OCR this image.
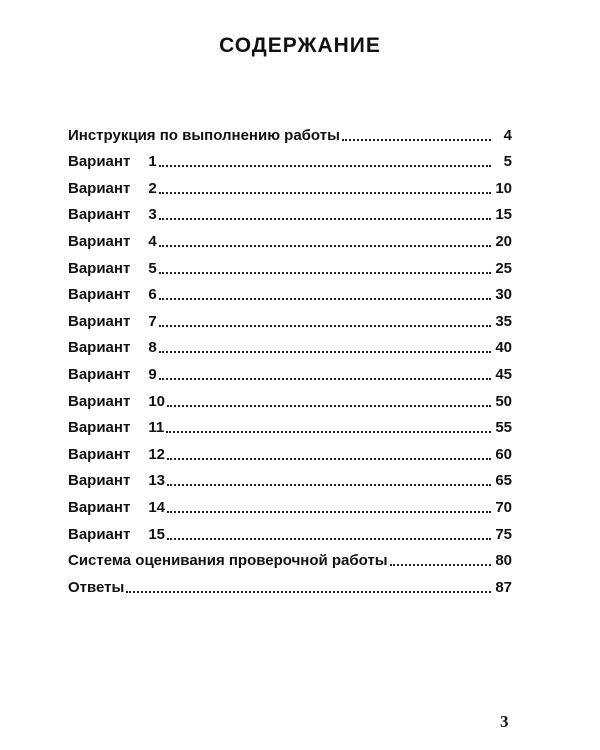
СОДЕРЖАНИЕ
Инструкция по выполнению работы	4
Вариант 1	5
Вариант 2	10
Вариант 3	15
Вариант 4	20
Вариант 5	25
Вариант 6	30
Вариант 7	35
Вариант 8	40
Вариант 9	45
Вариант 10	50
Вариант 11	55
Вариант 12	60
Вариант 13	65
Вариант 14	70
Вариант 15	75
Система оценивания проверочной работы	80
Ответы	87
3
